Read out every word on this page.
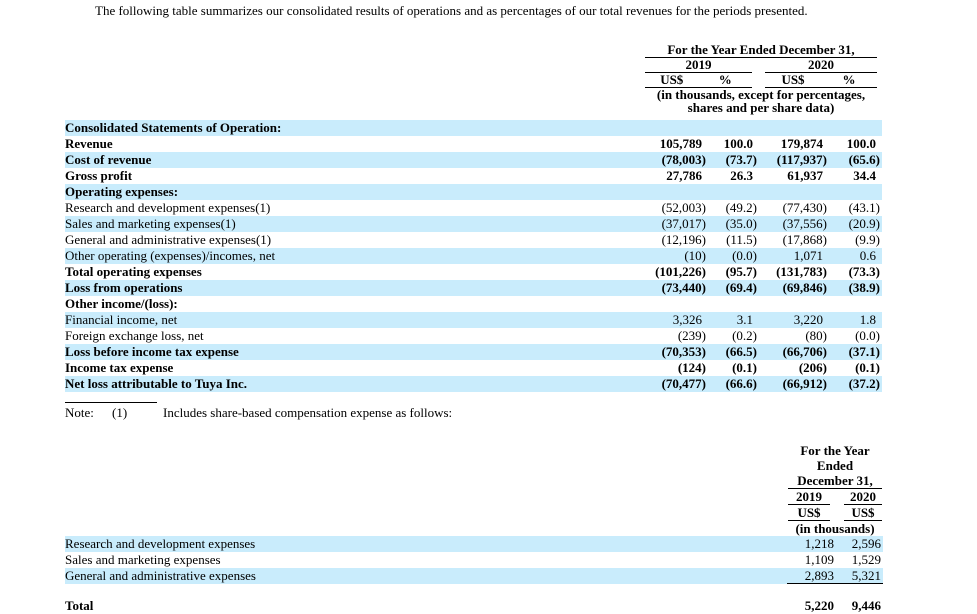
The following table summarizes our consolidated results of operations and as percentages of our total revenues for the periods presented.

For the Year Ended December 31,
2019	2020
US$	%	US$	%
(in thousands, except for percentages,
shares and per share data)
Consolidated Statements of Operation:
Revenue	105,789	100.0	179,874	100.0
Cost of revenue	(78,003)	(73.7)	(117,937)	(65.6)
Gross profit	27,786	26.3	61,937	34.4
Operating expenses:
Research and development expenses(1)	(52,003)	(49.2)	(77,430)	(43.1)
Sales and marketing expenses(1)	(37,017)	(35.0)	(37,556)	(20.9)
General and administrative expenses(1)	(12,196)	(11.5)	(17,868)	(9.9)
Other operating (expenses)/incomes, net	(10)	(0.0)	1,071	0.6
Total operating expenses	(101,226)	(95.7)	(131,783)	(73.3)
Loss from operations	(73,440)	(69.4)	(69,846)	(38.9)
Other income/(loss):
Financial income, net	3,326	3.1	3,220	1.8
Foreign exchange loss, net	(239)	(0.2)	(80)	(0.0)
Loss before income tax expense	(70,353)	(66.5)	(66,706)	(37.1)
Income tax expense	(124)	(0.1)	(206)	(0.1)
Net loss attributable to Tuya Inc.	(70,477)	(66.6)	(66,912)	(37.2)
Note:	(1)	Includes share-based compensation expense as follows:
For the Year
Ended
December 31,
2019	2020
US$	US$
(in thousands)
Research and development expenses	1,218	2,596
Sales and marketing expenses	1,109	1,529
General and administrative expenses	2,893	5,321
Total	5,220	9,446
